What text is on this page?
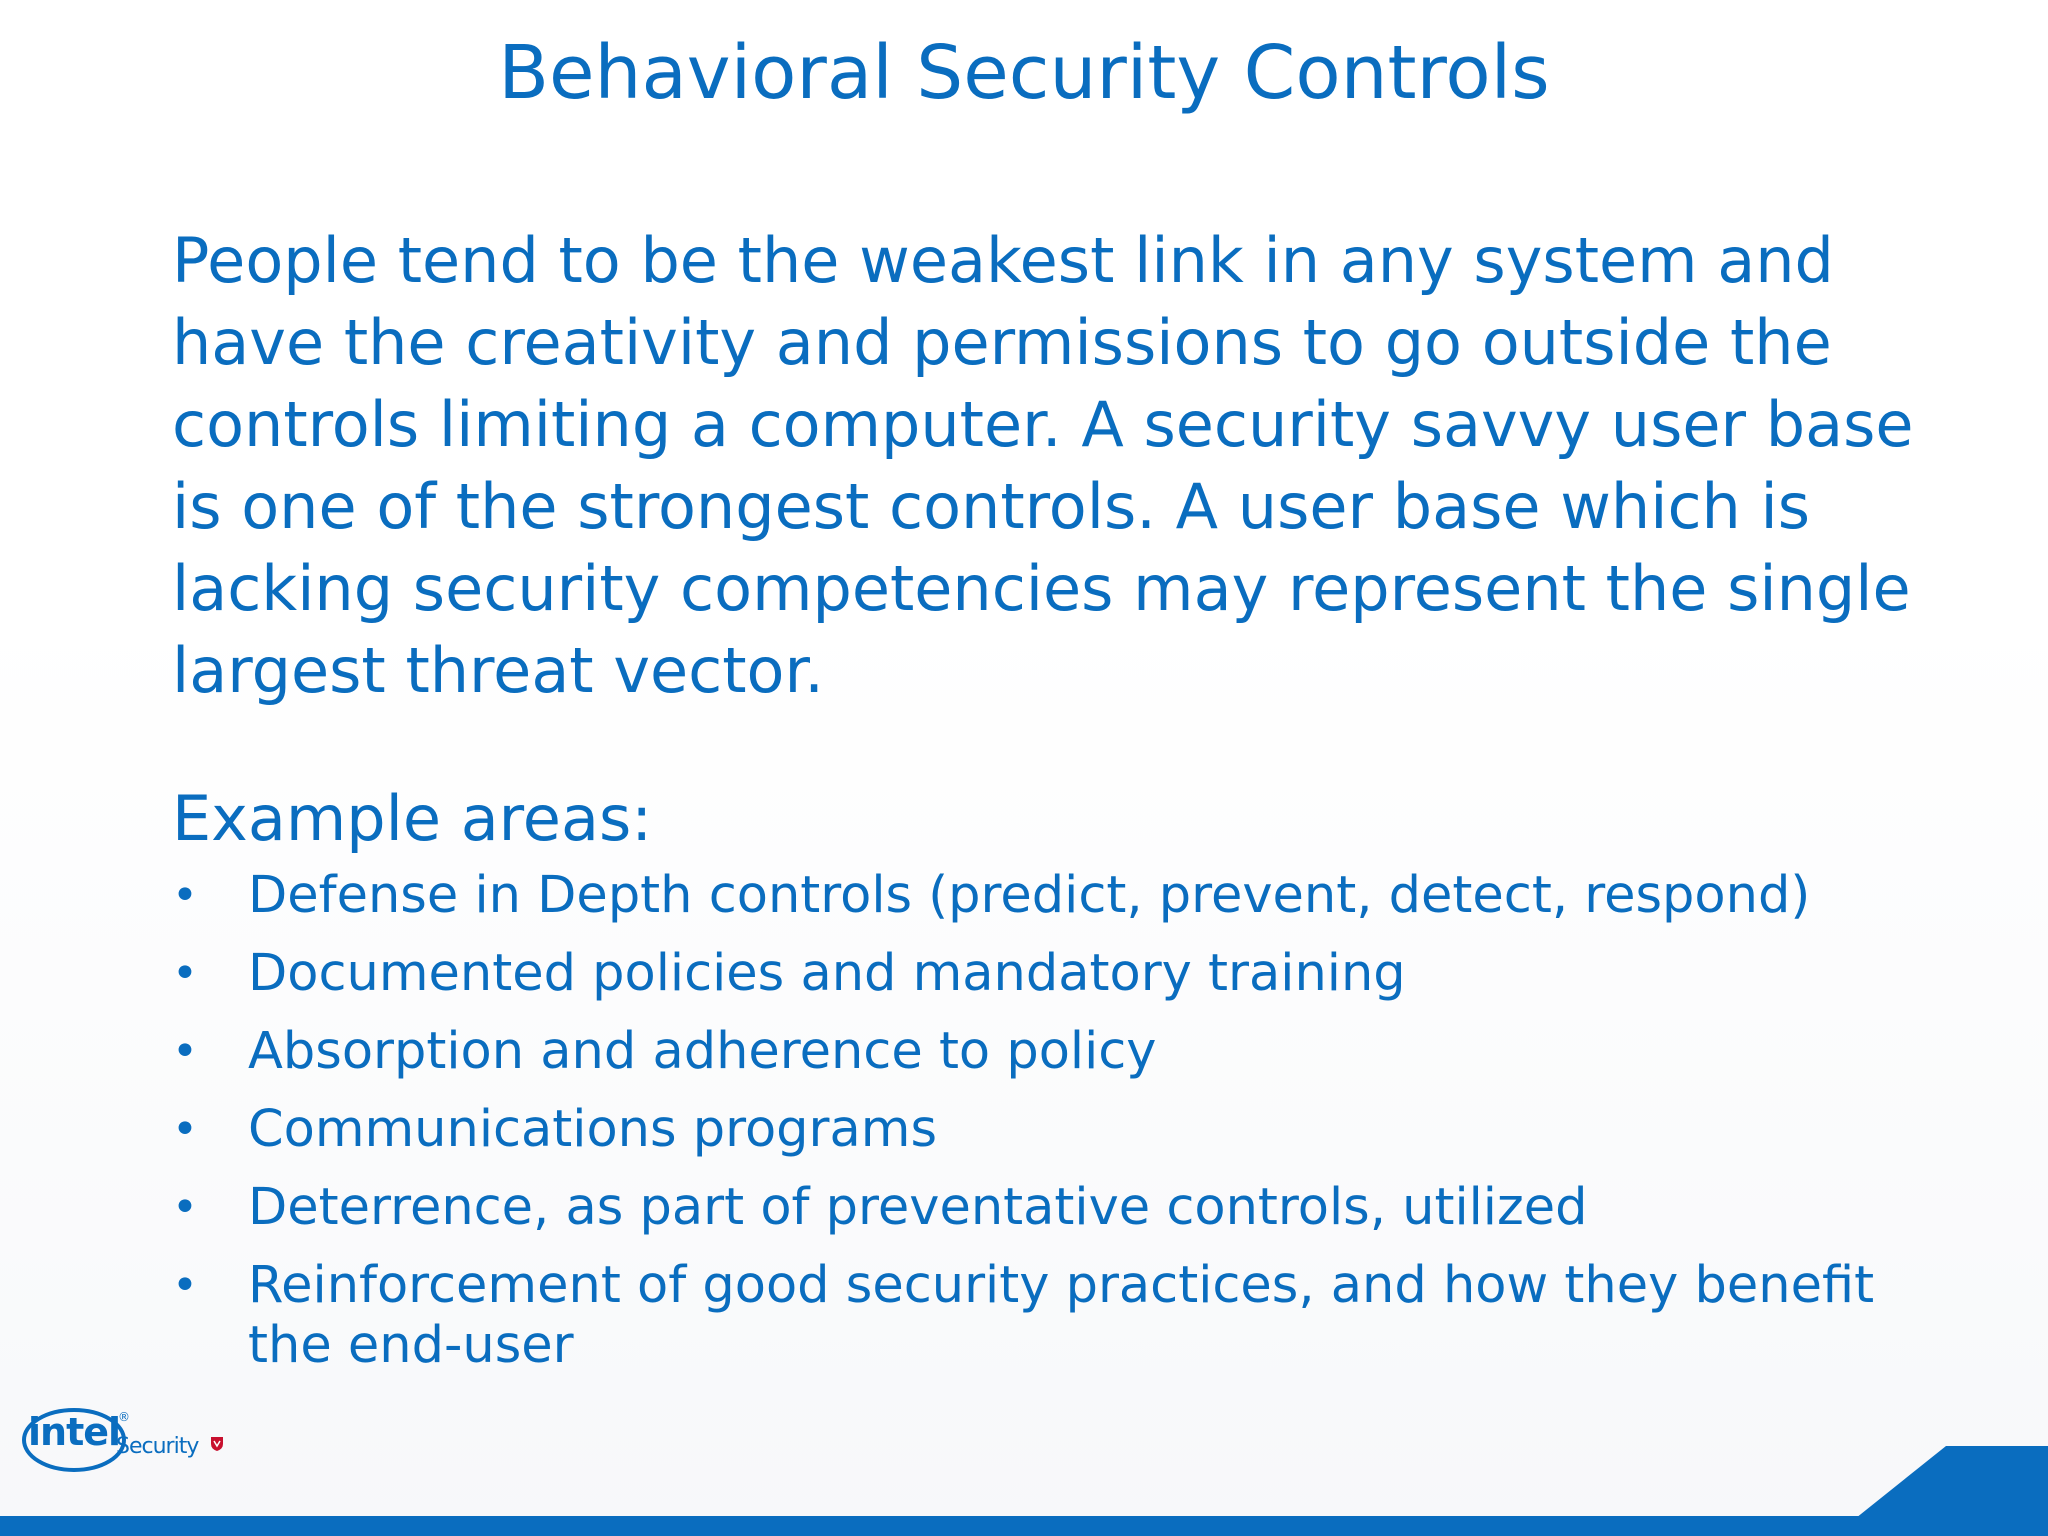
Behavioral Security Controls

People tend to be the weakest link in any system and have the creativity and permissions to go outside the controls limiting a computer. A security savvy user base is one of the strongest controls. A user base which is lacking security competencies may represent the single largest threat vector.

Example areas:

• Defense in Depth controls (predict, prevent, detect, respond)
• Documented policies and mandatory training
• Absorption and adherence to policy
• Communications programs
• Deterrence, as part of preventative controls, utilized
• Reinforcement of good security practices, and how they benefit the end-user
intel
®
Security
